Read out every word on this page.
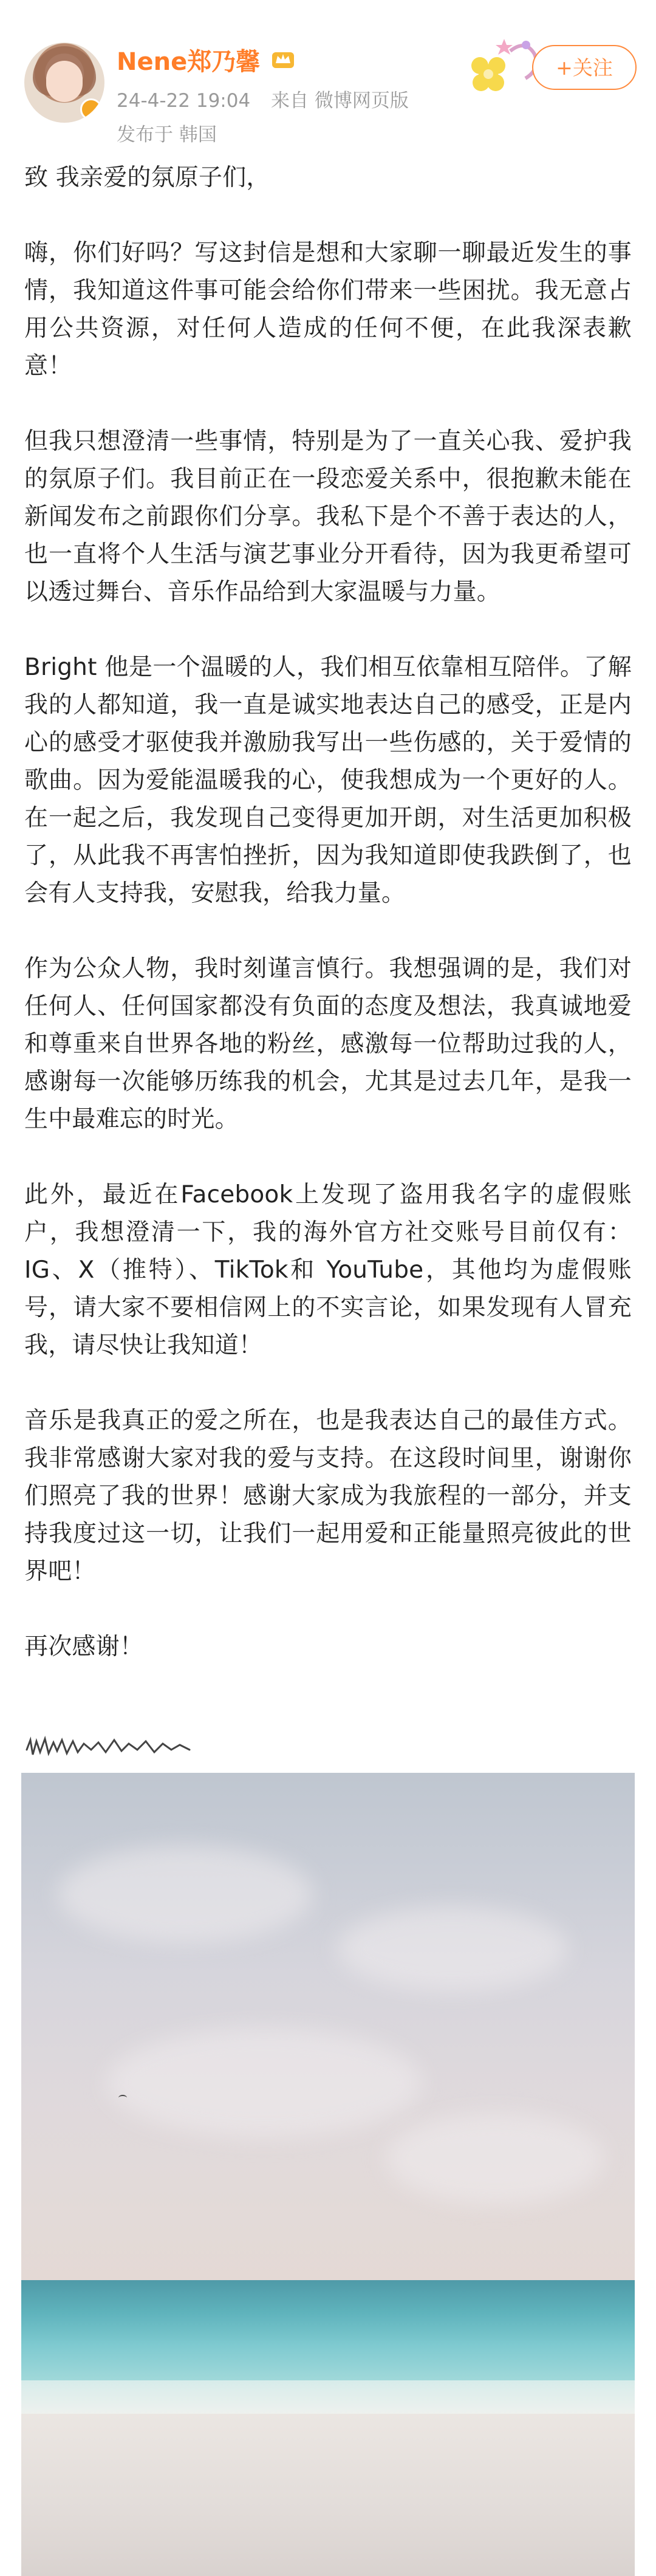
Nene郑乃馨
24-4-22 19:04 来自 微博网页版
发布于 韩国
+关注

致 我亲爱的氛原子们，

嗨，你们好吗？写这封信是想和大家聊一聊最近发生的事情，我知道这件事可能会给你们带来一些困扰。我无意占用公共资源，对任何人造成的任何不便，在此我深表歉意！

但我只想澄清一些事情，特别是为了一直关心我、爱护我的氛原子们。我目前正在一段恋爱关系中，很抱歉未能在新闻发布之前跟你们分享。我私下是个不善于表达的人，也一直将个人生活与演艺事业分开看待，因为我更希望可以透过舞台、音乐作品给到大家温暖与力量。

Bright 他是一个温暖的人，我们相互依靠相互陪伴。了解我的人都知道，我一直是诚实地表达自己的感受，正是内心的感受才驱使我并激励我写出一些伤感的，关于爱情的歌曲。因为爱能温暖我的心，使我想成为一个更好的人。在一起之后，我发现自己变得更加开朗，对生活更加积极了，从此我不再害怕挫折，因为我知道即使我跌倒了，也会有人支持我，安慰我，给我力量。

作为公众人物，我时刻谨言慎行。我想强调的是，我们对任何人、任何国家都没有负面的态度及想法，我真诚地爱和尊重来自世界各地的粉丝，感激每一位帮助过我的人，感谢每一次能够历练我的机会，尤其是过去几年，是我一生中最难忘的时光。

此外，最近在Facebook上发现了盗用我名字的虚假账户，我想澄清一下，我的海外官方社交账号目前仅有：IG、X（推特）、TikTok和 YouTube，其他均为虚假账号，请大家不要相信网上的不实言论，如果发现有人冒充我，请尽快让我知道！

音乐是我真正的爱之所在，也是我表达自己的最佳方式。我非常感谢大家对我的爱与支持。在这段时间里，谢谢你们照亮了我的世界！感谢大家成为我旅程的一部分，并支持我度过这一切，让我们一起用爱和正能量照亮彼此的世界吧！

再次感谢！
